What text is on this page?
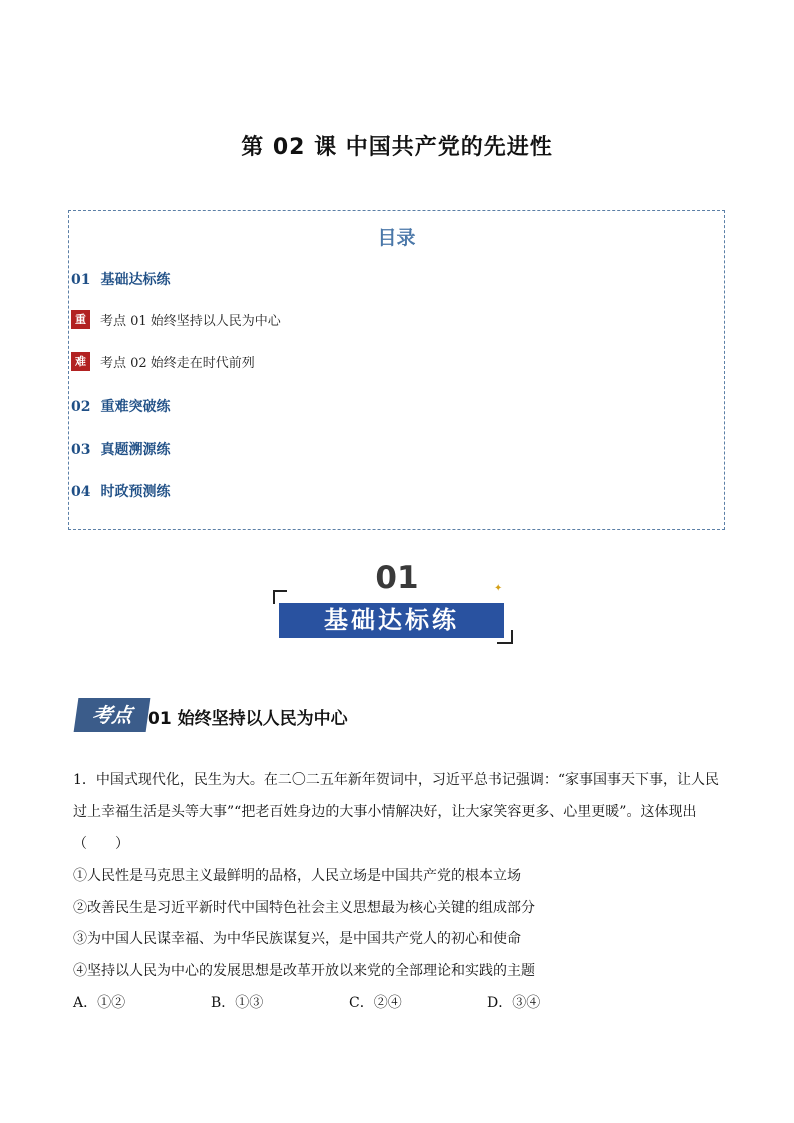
第 02 课 中国共产党的先进性
目录
01 基础达标练
重	考点 01 始终坚持以人民为中心
难	考点 02 始终走在时代前列
02 重难突破练
03 真题溯源练
04 时政预测练
01	✦
基础达标练
考点 01 始终坚持以人民为中心
1．中国式现代化，民生为大。在二〇二五年新年贺词中，习近平总书记强调：“家事国事天下事，让人民
过上幸福生活是头等大事”“把老百姓身边的大事小情解决好，让大家笑容更多、心里更暖”。这体现出
（　　）
①人民性是马克思主义最鲜明的品格，人民立场是中国共产党的根本立场
②改善民生是习近平新时代中国特色社会主义思想最为核心关键的组成部分
③为中国人民谋幸福、为中华民族谋复兴，是中国共产党人的初心和使命
④坚持以人民为中心的发展思想是改革开放以来党的全部理论和实践的主题
A．①②	B．①③	C．②④	D．③④
